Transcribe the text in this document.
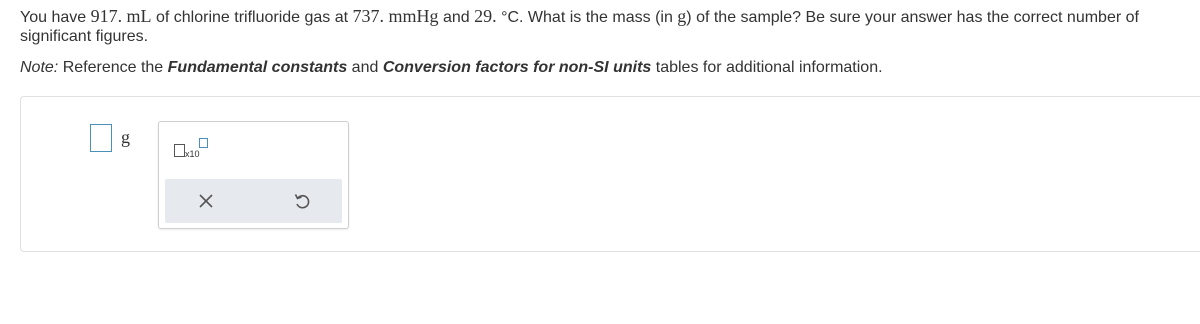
You have 917. mL of chlorine trifluoride gas at 737. mmHg and 29. °C. What is the mass (in g) of the sample? Be sure your answer has the correct number of
significant figures.
Note: Reference the Fundamental constants and Conversion factors for non-SI units tables for additional information.
g
x10
